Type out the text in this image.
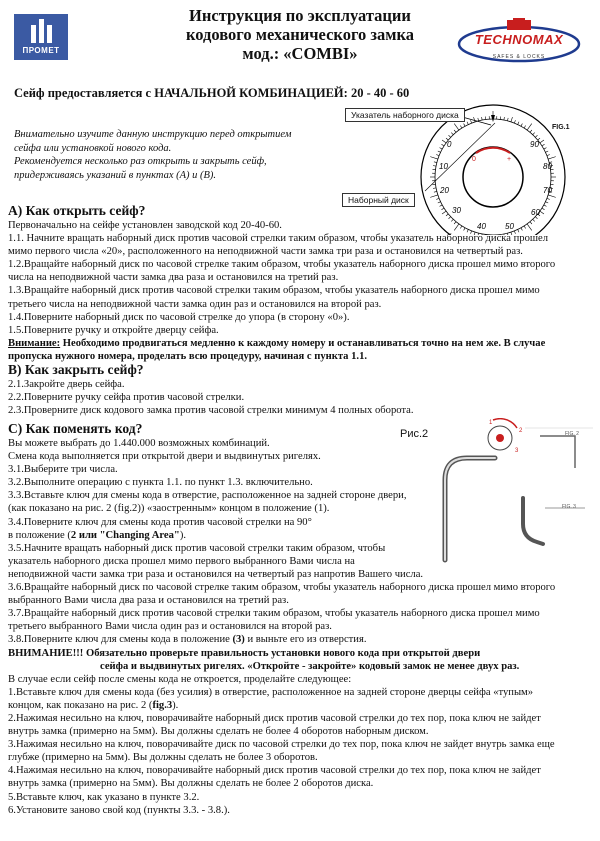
ПРОМЕТ
Инструкция по эксплуатации
кодового механического замка
мод.: «COMBI»
TECHNOMAX
SAFES & LOCKS
Сейф предоставляется с НАЧАЛЬНОЙ КОМБИНАЦИЕЙ: 20 - 40 - 60
0	+
0
10
20
30
40 50
60
70
80
90
Указатель наборного диска
Наборный диск
FIG.1
Внимательно изучите данную инструкцию перед открытием
сейфа или установкой нового кода.
Рекомендуется несколько раз открыть и закрыть сейф,
придерживаясь указаний в пунктах (А) и (В).
А) Как открыть сейф?
Первоначально на сейфе установлен заводской код 20-40-60.
1.1. Начните вращать наборный диск против часовой стрелки таким образом, чтобы указатель наборного диска прошел
мимо первого числа «20», расположенного на неподвижной части замка три раза и остановился на четвертый раз.
1.2.Вращайте наборный диск по часовой стрелке таким образом, чтобы указатель наборного диска прошел мимо второго
числа на неподвижной части замка два раза и остановился на третий раз.
1.3.Вращайте наборный диск против часовой стрелки таким образом, чтобы указатель наборного диска прошел мимо
третьего числа на неподвижной части замка один раз и остановился на второй раз.
1.4.Поверните наборный диск по часовой стрелке до упора (в сторону «0»).
1.5.Поверните ручку и откройте дверцу сейфа.
Внимание: Необходимо продвигаться медленно к каждому номеру и останавливаться точно на нем же. В случае
пропуска нужного номера, проделать всю процедуру, начиная с пункта 1.1.
В) Как закрыть сейф?
2.1.Закройте дверь сейфа.
2.2.Поверните ручку сейфа против часовой стрелки.
2.3.Проверните диск кодового замка против часовой стрелки минимум 4 полных оборота.
Рис.2
1
2
3
FIG. 2
FIG. 3
С) Как поменять код?
Вы можете выбрать до 1.440.000 возможных комбинаций.
Смена кода выполняется при открытой двери и выдвинутых ригелях.
3.1.Выберите три числа.
3.2.Выполните операцию с пункта 1.1. по пункт 1.3. включительно.
3.3.Вставьте ключ для смены кода в отверстие, расположенное на задней стороне двери,
(как показано на рис. 2 (fig.2)) «заостренным» концом в положение (1).
3.4.Поверните ключ для смены кода против часовой стрелки на 90°
в положение (2 или "Changing Area").
3.5.Начните вращать наборный диск против часовой стрелки таким образом, чтобы
указатель наборного диска прошел мимо первого выбранного Вами числа на
неподвижной части замка три раза и остановился на четвертый раз напротив Вашего числа.
3.6.Вращайте наборный диск по часовой стрелке таким образом, чтобы указатель наборного диска прошел мимо второго
выбранного Вами числа два раза и остановился на третий раз.
3.7.Вращайте наборный диск против часовой стрелки таким образом, чтобы указатель наборного диска прошел мимо
третьего выбранного Вами числа один раз и остановился на второй раз.
3.8.Поверните ключ для смены кода в положение (3) и выньте его из отверстия.
ВНИМАНИЕ!!! Обязательно проверьте правильность установки нового кода при открытой двери
сейфа и выдвинутых ригелях. «Откройте - закройте» кодовый замок не менее двух раз.
В случае если сейф после смены кода не откроется, проделайте следующее:
1.Вставьте ключ для смены кода (без усилия) в отверстие, расположенное на задней стороне дверцы сейфа «тупым»
концом, как показано на рис. 2 (fig.3).
2.Нажимая несильно на ключ, поворачивайте наборный диск против часовой стрелки до тех пор, пока ключ не зайдет
внутрь замка (примерно на 5мм). Вы должны сделать не более 4 оборотов наборным диском.
3.Нажимая несильно на ключ, поворачивайте диск по часовой стрелки до тех пор, пока ключ не зайдет внутрь замка еще
глубже (примерно на 5мм). Вы должны сделать не более 3 оборотов.
4.Нажимая несильно на ключ, поворачивайте наборный диск против часовой стрелки до тех пор, пока ключ не зайдет
внутрь замка (примерно на 5мм). Вы должны сделать не более 2 оборотов диска.
5.Вставьте ключ, как указано в пункте 3.2.
6.Установите заново свой код (пункты 3.3. - 3.8.).
